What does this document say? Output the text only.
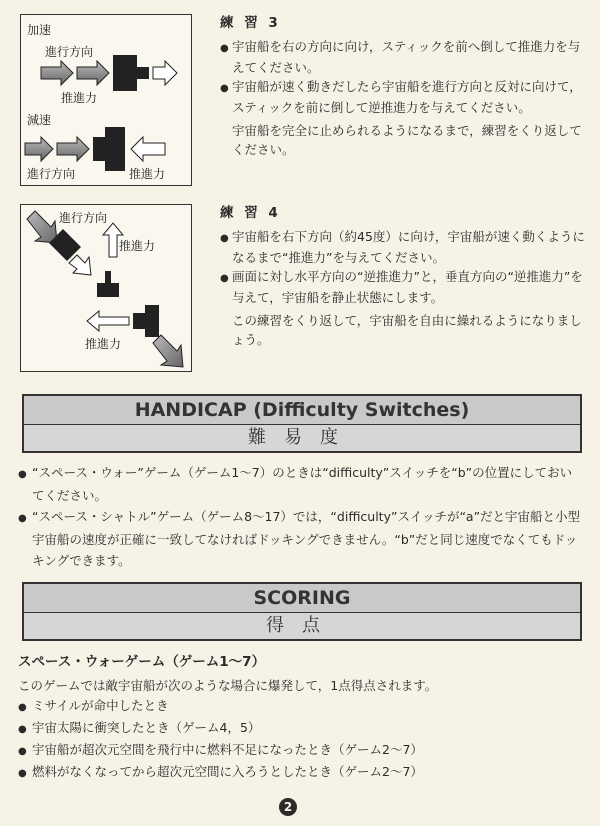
加速
進行方向
推進力
減速
進行方向	推進力
練 習 3

● 宇宙船を右の方向に向け，スティックを前へ倒して推進力を与えてください。

● 宇宙船が速く動きだしたら宇宙船を進行方向と反対に向けて，スティックを前に倒して逆推進力を与えてください。

宇宙船を完全に止められるようになるまで，練習をくり返してください。

進行方向
推進力
推進力
練 習 4

● 宇宙船を右下方向（約45度）に向け，宇宙船が速く動くようになるまで“推進力”を与えてください。

● 画面に対し水平方向の“逆推進力”と，垂直方向の“逆推進力”を与えて，宇宙船を静止状態にします。

この練習をくり返して，宇宙船を自由に繰れるようになりましょう。

HANDICAP (Difficulty Switches)
難易度

● “スペース・ウォー”ゲーム（ゲーム1～7）のときは“difficulty”スイッチを“b”の位置にしておいてください。

● “スペース・シャトル”ゲーム（ゲーム8～17）では，“difficulty”スイッチが“a”だと宇宙船と小型宇宙船の速度が正確に一致してなければドッキングできません。“b”だと同じ速度でなくてもドッキングできます。

SCORING
得点

スペース・ウォーゲーム（ゲーム1～7）

このゲームでは敵宇宙船が次のような場合に爆発して，1点得点されます。

● ミサイルが命中したとき

● 宇宙太陽に衝突したとき（ゲーム4，5）

● 宇宙船が超次元空間を飛行中に燃料不足になったとき（ゲーム2～7）

● 燃料がなくなってから超次元空間に入ろうとしたとき（ゲーム2～7）

2
